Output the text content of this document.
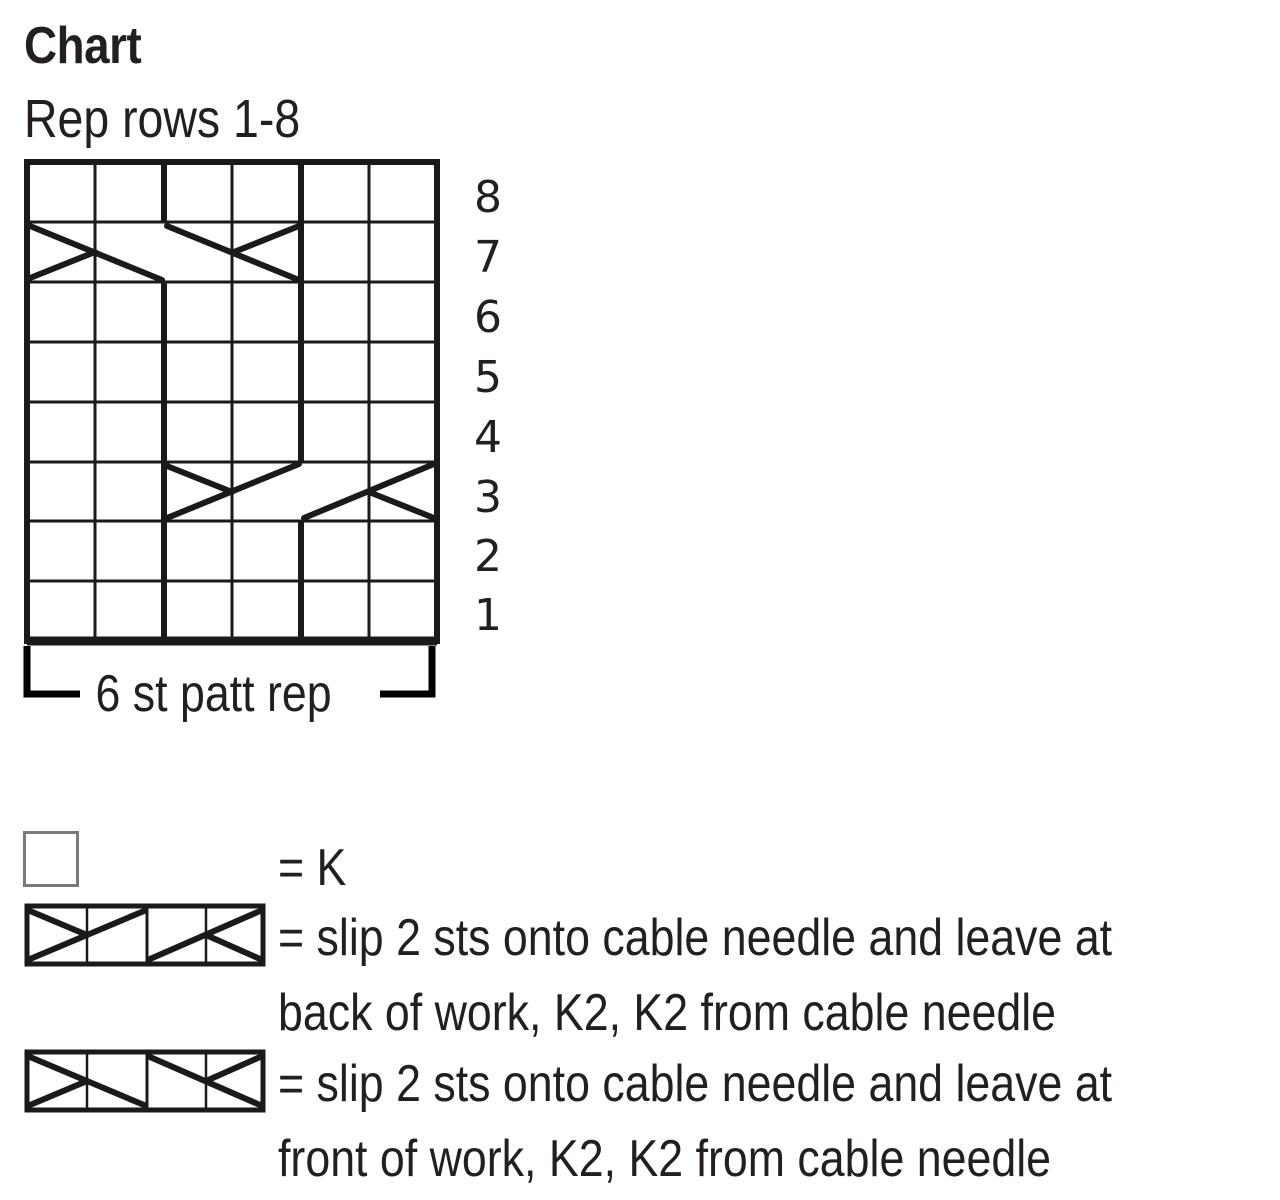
Chart
Rep rows 1-8
6 st patt rep
8
7
6
5
4
3
2
1
= K
= slip 2 sts onto cable needle and leave at
back of work, K2, K2 from cable needle
= slip 2 sts onto cable needle and leave at
front of work, K2, K2 from cable needle
